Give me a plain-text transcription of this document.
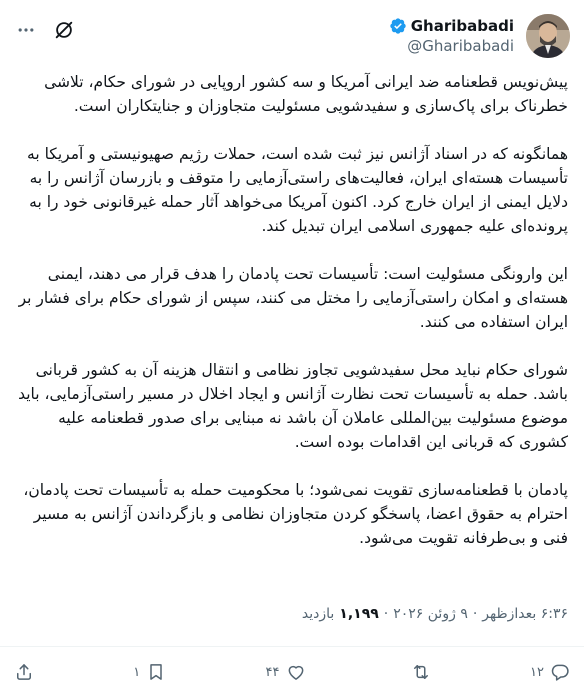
Gharibabadi
@Gharibabadi

پیش‌نویس قطعنامه ضد ایرانی آمریکا و سه کشور اروپایی در شورای حکام، تلاشی خطرناک برای پاک‌سازی و سفیدشویی مسئولیت متجاوزان و جنایتکاران است.

همانگونه که در اسناد آژانس نیز ثبت شده است، حملات رژیم صهیونیستی و آمریکا به تأسیسات هسته‌ای ایران، فعالیت‌های راستی‌آزمایی را متوقف و بازرسان آژانس را به دلایل ایمنی از ایران خارج کرد. اکنون آمریکا می‌خواهد آثار حمله غیرقانونی خود را به پرونده‌ای علیه جمهوری اسلامی ایران تبدیل کند.

این وارونگی مسئولیت است: تأسیسات تحت پادمان را هدف قرار می دهند، ایمنی هسته‌ای و امکان راستی‌آزمایی را مختل می کنند، سپس از شورای حکام برای فشار بر ایران استفاده می کنند.

شورای حکام نباید محل سفیدشویی تجاوز نظامی و انتقال هزینه آن به کشور قربانی باشد. حمله به تأسیسات تحت نظارت آژانس و ایجاد اخلال در مسیر راستی‌آزمایی، باید موضوع مسئولیت بین‌المللی عاملان آن باشد نه مبنایی برای صدور قطعنامه علیه کشوری که قربانی این اقدامات بوده است.

پادمان با قطعنامه‌سازی تقویت نمی‌شود؛ با محکومیت حمله به تأسیسات تحت پادمان، احترام به حقوق اعضا، پاسخگو کردن متجاوزان نظامی و بازگرداندن آژانس به مسیر فنی و بی‌طرفانه تقویت می‌شود.

۶:۳۶ بعدازظهر
·
۹ ژوئن ۲۰۲۶
·
۱,۱۹۹
بازدید
۱۲
۴۴
۱
